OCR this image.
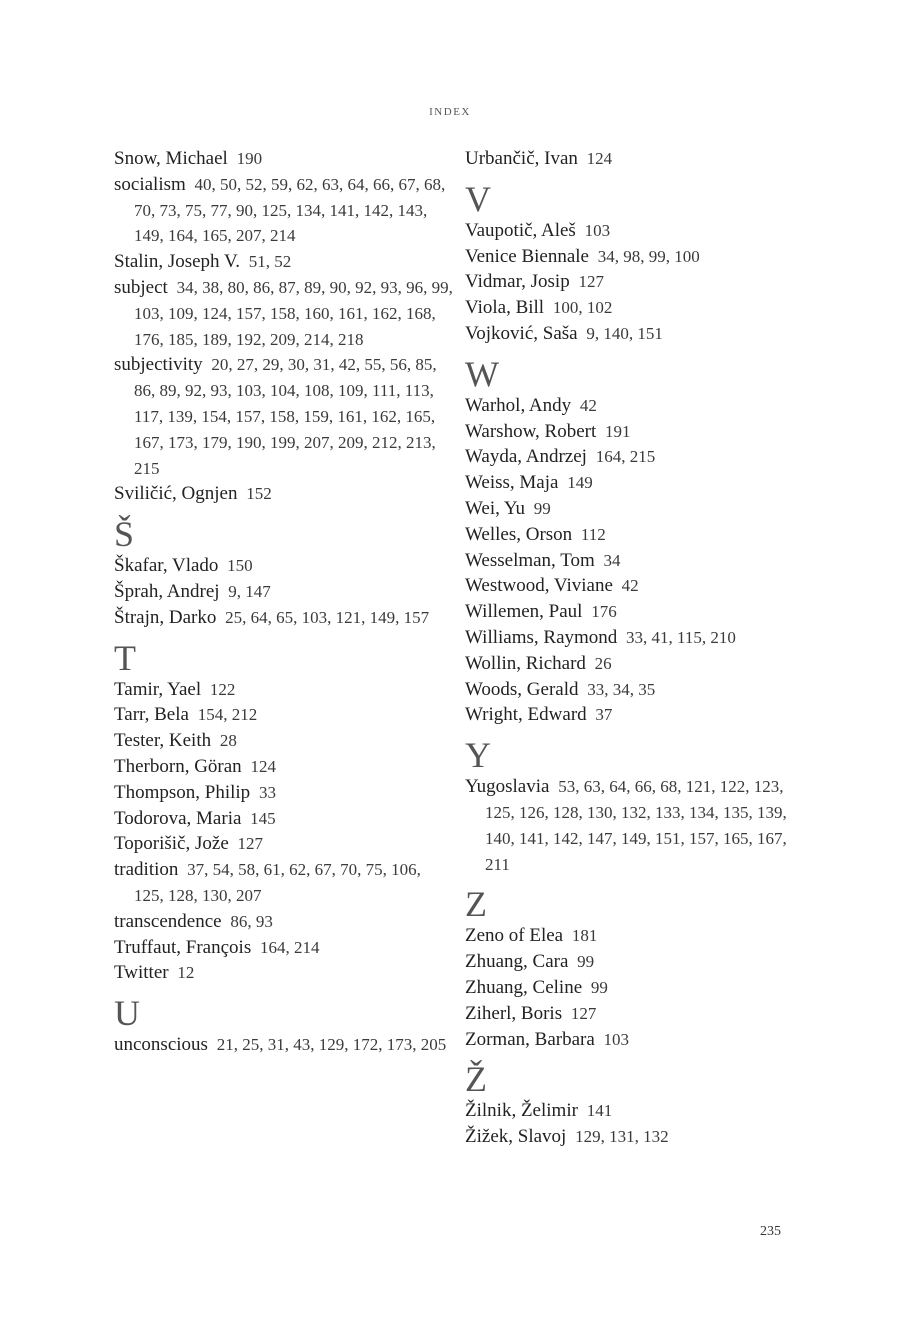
INDEX
Snow, Michael 190
socialism 40, 50, 52, 59, 62, 63, 64, 66, 67, 68, 70, 73, 75, 77, 90, 125, 134, 141, 142, 143, 149, 164, 165, 207, 214
Stalin, Joseph V. 51, 52
subject 34, 38, 80, 86, 87, 89, 90, 92, 93, 96, 99, 103, 109, 124, 157, 158, 160, 161, 162, 168, 176, 185, 189, 192, 209, 214, 218
subjectivity 20, 27, 29, 30, 31, 42, 55, 56, 85, 86, 89, 92, 93, 103, 104, 108, 109, 111, 113, 117, 139, 154, 157, 158, 159, 161, 162, 165, 167, 173, 179, 190, 199, 207, 209, 212, 213, 215
Sviličić, Ognjen 152
Š
Škafar, Vlado 150
Šprah, Andrej 9, 147
Štrajn, Darko 25, 64, 65, 103, 121, 149, 157
T
Tamir, Yael 122
Tarr, Bela 154, 212
Tester, Keith 28
Therborn, Göran 124
Thompson, Philip 33
Todorova, Maria 145
Toporišič, Jože 127
tradition 37, 54, 58, 61, 62, 67, 70, 75, 106, 125, 128, 130, 207
transcendence 86, 93
Truffaut, François 164, 214
Twitter 12
U
unconscious 21, 25, 31, 43, 129, 172, 173, 205
Urbančič, Ivan 124
V
Vaupotič, Aleš 103
Venice Biennale 34, 98, 99, 100
Vidmar, Josip 127
Viola, Bill 100, 102
Vojković, Saša 9, 140, 151
W
Warhol, Andy 42
Warshow, Robert 191
Wayda, Andrzej 164, 215
Weiss, Maja 149
Wei, Yu 99
Welles, Orson 112
Wesselman, Tom 34
Westwood, Viviane 42
Willemen, Paul 176
Williams, Raymond 33, 41, 115, 210
Wollin, Richard 26
Woods, Gerald 33, 34, 35
Wright, Edward 37
Y
Yugoslavia 53, 63, 64, 66, 68, 121, 122, 123, 125, 126, 128, 130, 132, 133, 134, 135, 139, 140, 141, 142, 147, 149, 151, 157, 165, 167, 211
Z
Zeno of Elea 181
Zhuang, Cara 99
Zhuang, Celine 99
Ziherl, Boris 127
Zorman, Barbara 103
Ž
Žilnik, Želimir 141
Žižek, Slavoj 129, 131, 132
235
